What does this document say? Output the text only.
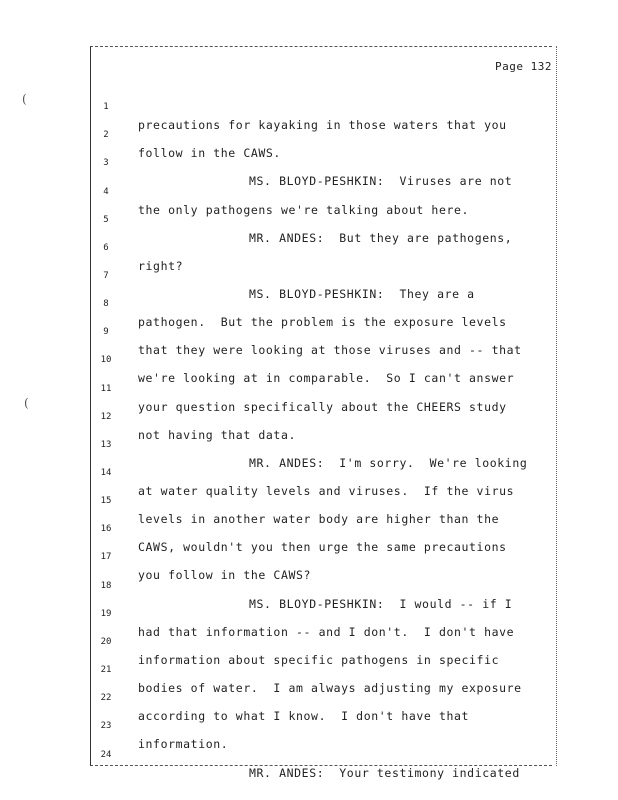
Page 132
(
(

1

precautions for kayaking in those waters that you

2

follow in the CAWS.

3

MS. BLOYD-PESHKIN:  Viruses are not

4

the only pathogens we're talking about here.

5

MR. ANDES:  But they are pathogens,

6

right?

7

MS. BLOYD-PESHKIN:  They are a

8

pathogen.  But the problem is the exposure levels

9

that they were looking at those viruses and -- that

10

we're looking at in comparable.  So I can't answer

11

your question specifically about the CHEERS study

12

not having that data.

13

MR. ANDES:  I'm sorry.  We're looking

14

at water quality levels and viruses.  If the virus

15

levels in another water body are higher than the

16

CAWS, wouldn't you then urge the same precautions

17

you follow in the CAWS?

18

MS. BLOYD-PESHKIN:  I would -- if I

19

had that information -- and I don't.  I don't have

20

information about specific pathogens in specific

21

bodies of water.  I am always adjusting my exposure

22

according to what I know.  I don't have that

23

information.

24

MR. ANDES:  Your testimony indicated
